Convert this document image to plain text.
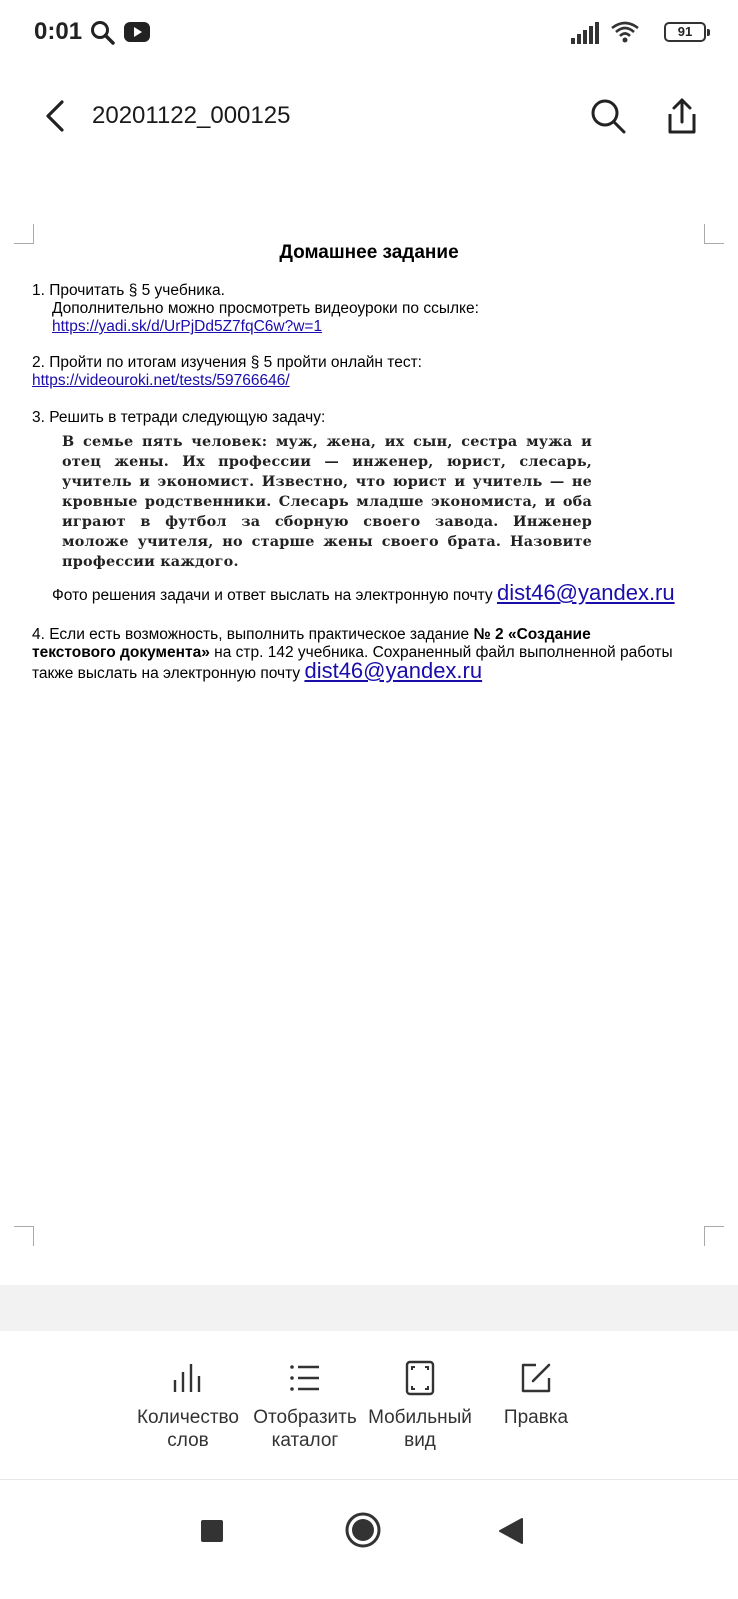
0:01	91
20201122_000125
Домашнее задание
1. Прочитать § 5 учебника.
Дополнительно можно просмотреть видеоуроки по ссылке:
https://yadi.sk/d/UrPjDd5Z7fqC6w?w=1
2. Пройти по итогам изучения § 5 пройти онлайн тест:
https://videouroki.net/tests/59766646/
3. Решить в тетради следующую задачу:
В семье пять человек: муж, жена, их сын, сестра мужа и отец жены. Их профессии — инженер, юрист, слесарь, учитель и экономист. Известно, что юрист и учитель — не кровные родственники. Слесарь младше экономиста, и оба играют в футбол за сборную своего завода. Инженер моложе учителя, но старше жены своего брата. Назовите профессии каждого.
Фото решения задачи и ответ выслать на электронную почту dist46@yandex.ru
4. Если есть возможность, выполнить практическое задание № 2 «Создание
текстового документа» на стр. 142 учебника. Сохраненный файл выполненной работы
также выслать на электронную почту dist46@yandex.ru
Количество
слов
Отобразить
каталог
Мобильный
вид
Правка
